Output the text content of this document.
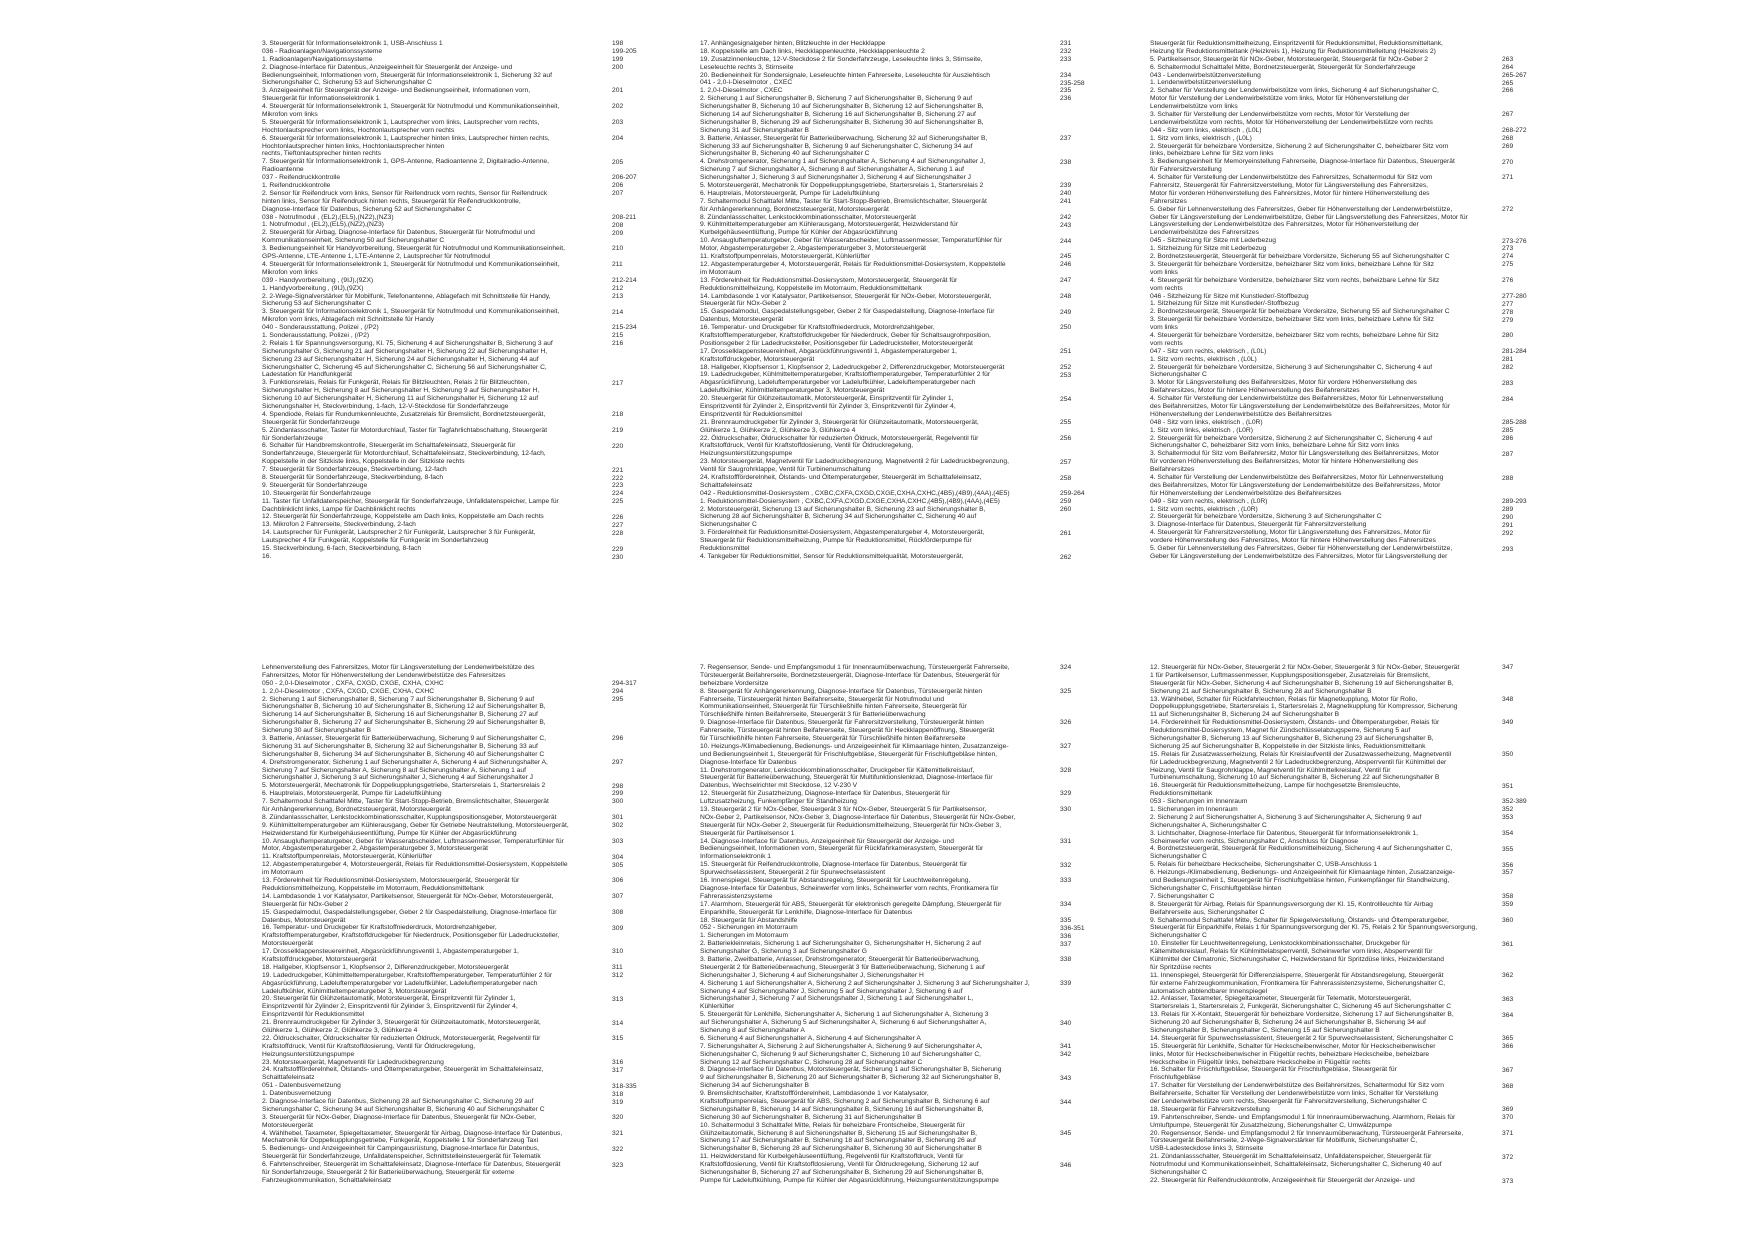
3. Steuergerät für Informationselektronik 1, USB-Anschluss 1
036 - Radioanlagen/Navigationssysteme
1. Radioanlagen/Navigationssysteme
2. Diagnose-Interface für Datenbus, Anzeigeeinheit für Steuergerät der Anzeige- und
Bedienungseinheit, Informationen vorn, Steuergerät für Informationselektronik 1, Sicherung 32 auf
Sicherungshalter C, Sicherung 53 auf Sicherungshalter C
3. Anzeigeeinheit für Steuergerät der Anzeige- und Bedienungseinheit, Informationen vorn,
Steuergerät für Informationselektronik 1
4. Steuergerät für Informationselektronik 1, Steuergerät für Notrufmodul und Kommunikationseinheit,
Mikrofon vorn links
5. Steuergerät für Informationselektronik 1, Lautsprecher vorn links, Lautsprecher vorn rechts,
Hochtonlautsprecher vorn links, Hochtonlautsprecher vorn rechts
6. Steuergerät für Informationselektronik 1, Lautsprecher hinten links, Lautsprecher hinten rechts,
Hochtonlautsprecher hinten links, Hochtonlautsprecher hinten
rechts, Tieftonlautsprecher hinten rechts
7. Steuergerät für Informationselektronik 1, GPS-Antenne, Radioantenne 2, Digitalradio-Antenne,
Radioantenne
037 - Reifendruckkontrolle
1. Reifendruckkontrolle
2. Sensor für Reifendruck vorn links, Sensor für Reifendruck vorn rechts, Sensor für Reifendruck
hinten links, Sensor für Reifendruck hinten rechts, Steuergerät für Reifendruckkontrolle,
Diagnose-Interface für Datenbus, Sicherung 52 auf Sicherungshalter C
038 - Notrufmodul , (EL2),(EL5),(NZ2),(NZ3)
1. Notrufmodul , (EL2),(EL5),(NZ2),(NZ3)
2. Steuergerät für Airbag, Diagnose-Interface für Datenbus, Steuergerät für Notrufmodul und
Kommunikationseinheit, Sicherung 50 auf Sicherungshalter C
3. Bedienungseinheit für Handyvorbereitung, Steuergerät für Notrufmodul und Kommunikationseinheit,
GPS-Antenne, LTE-Antenne 1, LTE-Antenne 2, Lautsprecher für Notrufmodul
4. Steuergerät für Informationselektronik 1, Steuergerät für Notrufmodul und Kommunikationseinheit,
Mikrofon vorn links
039 - Handyvorbereitung , (9IJ),(9ZX)
1. Handyvorbereitung , (9IJ),(9ZX)
2. 2-Wege-Signalverstärker für Mobilfunk, Telefonantenne, Ablagefach mit Schnittstelle für Handy,
Sicherung 53 auf Sicherungshalter C
3. Steuergerät für Informationselektronik 1, Steuergerät für Notrufmodul und Kommunikationseinheit,
Mikrofon vorn links, Ablagefach mit Schnittstelle für Handy
040 - Sonderausstattung, Polizei , (/P2)
1. Sonderausstattung, Polizei , (/P2)
2. Relais 1 für Spannungsversorgung, Kl. 75, Sicherung 4 auf Sicherungshalter B, Sicherung 3 auf
Sicherungshalter G, Sicherung 21 auf Sicherungshalter H, Sicherung 22 auf Sicherungshalter H,
Sicherung 23 auf Sicherungshalter H, Sicherung 24 auf Sicherungshalter H, Sicherung 44 auf
Sicherungshalter C, Sicherung 45 auf Sicherungshalter C, Sicherung 56 auf Sicherungshalter C,
Ladestation für Handfunkgerät
3. Funktionsrelais, Relais für Funkgerät, Relais für Blitzleuchten, Relais 2 für Blitzleuchten,
Sicherungshalter H, Sicherung 8 auf Sicherungshalter H, Sicherung 9 auf Sicherungshalter H,
Sicherung 10 auf Sicherungshalter H, Sicherung 11 auf Sicherungshalter H, Sicherung 12 auf
Sicherungshalter H, Steckverbindung, 1-fach, 12-V-Steckdose für Sonderfahrzeuge
4. Spendiode, Relais für Rundumkennleuchte, Zusatzrelais für Bremslicht, Bordnetzsteuergerät,
Steuergerät für Sonderfahrzeuge
5. Zündanlassschalter, Taster für Motordurchlauf, Taster für Tagfahrlichtabschaltung, Steuergerät
für Sonderfahrzeuge
6. Schalter für Handbremskontrolle, Steuergerät im Schalttafeleinsatz, Steuergerät für
Sonderfahrzeuge, Steuergerät für Motordurchlauf, Schalttafeleinsatz, Steckverbindung, 12-fach,
Koppelstelle in der Sitzkiste links, Koppelstelle in der Sitzkiste rechts
7. Steuergerät für Sonderfahrzeuge, Steckverbindung, 12-fach
8. Steuergerät für Sonderfahrzeuge, Steckverbindung, 8-fach
9. Steuergerät für Sonderfahrzeuge
10. Steuergerät für Sonderfahrzeuge
11. Taster für Unfalldatenspeicher, Steuergerät für Sonderfahrzeuge, Unfalldatenspeicher, Lampe für
Dachblinklicht links, Lampe für Dachblinklicht rechts
12. Steuergerät für Sonderfahrzeuge, Koppelstelle am Dach links, Koppelstelle am Dach rechts
13. Mikrofon 2 Fahrerseite, Steckverbindung, 2-fach
14. Lautsprecher für Funkgerät, Lautsprecher 2 für Funkgerät, Lautsprecher 3 für Funkgerät,
Lautsprecher 4 für Funkgerät, Koppelstelle für Funkgerät im Sonderfahrzeug
15. Steckverbindung, 6-fach, Steckverbindung, 8-fach
16.
198
199-205
199
200
201
202
203
204
205
206-207
206
207
208-211
208
209
210
211
212-214
212
213
214
215-234
215
216
217
218
219
220
221
222
223
224
225
226
227
228
229
230
17. Anhängesignalgeber hinten, Blitzleuchte in der Heckklappe
18. Koppelstelle am Dach links, Heckklappenleuchte, Heckklappenleuchte 2
19. Zusatzinnenleuchte, 12-V-Steckdose 2 für Sonderfahrzeuge, Leseleuchte links 3, Stirnseite,
Leseleuchte rechts 3, Stirnseite
20. Bedieneinheit für Sondersignale, Leseleuchte hinten Fahrerseite, Leseleuchte für Ausziehtisch
041 - 2,0-l-Dieselmotor , CXEC
1. 2,0-l-Dieselmotor , CXEC
2. Sicherung 1 auf Sicherungshalter B, Sicherung 7 auf Sicherungshalter B, Sicherung 9 auf
Sicherungshalter B, Sicherung 10 auf Sicherungshalter B, Sicherung 12 auf Sicherungshalter B,
Sicherung 14 auf Sicherungshalter B, Sicherung 16 auf Sicherungshalter B, Sicherung 27 auf
Sicherungshalter B, Sicherung 29 auf Sicherungshalter B, Sicherung 30 auf Sicherungshalter B,
Sicherung 31 auf Sicherungshalter B
3. Batterie, Anlasser, Steuergerät für Batterieüberwachung, Sicherung 32 auf Sicherungshalter B,
Sicherung 33 auf Sicherungshalter B, Sicherung 9 auf Sicherungshalter C, Sicherung 34 auf
Sicherungshalter B, Sicherung 40 auf Sicherungshalter C
4. Drehstromgenerator, Sicherung 1 auf Sicherungshalter A, Sicherung 4 auf Sicherungshalter J,
Sicherung 7 auf Sicherungshalter A, Sicherung 8 auf Sicherungshalter A, Sicherung 1 auf
Sicherungshalter J, Sicherung 3 auf Sicherungshalter J, Sicherung 4 auf Sicherungshalter J
5. Motorsteuergerät, Mechatronik für Doppelkupplungsgetriebe, Startersrelais 1, Startersrelais 2
6. Hauptrelais, Motorsteuergerät, Pumpe für Ladeluftkühlung
7. Schaltermodul Schalttafel Mitte, Taster für Start-Stopp-Betrieb, Bremslichtschalter, Steuergerät
für Anhängererkennung, Bordnetzsteuergerät, Motorsteuergerät
8. Zündanlassschalter, Lenkstockkombinationsschalter, Motorsteuergerät
9. Kühlmitteltemperaturgeber am Kühlerausgang, Motorsteuergerät, Heizwiderstand für
Kurbelgehäuseentlüftung, Pumpe für Kühler der Abgasrückführung
10. Ansaugluftemperaturgeber, Geber für Wasserabscheider, Luftmassenmesser, Temperaturfühler für
Motor, Abgastemperaturgeber 2, Abgastemperaturgeber 3, Motorsteuergerät
11. Kraftstoffpumpenrelais, Motorsteuergerät, Kühlerlüfter
12. Abgastemperaturgeber 4, Motorsteuergerät, Relais für Reduktionsmittel-Dosiersystem, Koppelstelle
im Motorraum
13. Förderelnheit für Reduktionsmittel-Dosiersystem, Motorsteuergerät, Steuergerät für
Reduktionsmittelheizung, Koppelstelle im Motorraum, Reduktionsmitteltank
14. Lambdasonde 1 vor Katalysator, Partikelsensor, Steuergerät für NOx-Geber, Motorsteuergerät,
Steuergerät für NOx-Geber 2
15. Gaspedalmodul, Gaspedalstellungsgeber, Geber 2 für Gaspedalstellung, Diagnose-Interface für
Datenbus, Motorsteuergerät
16. Temperatur- und Druckgeber für Kraftstoffniederdruck, Motordrehzahlgeber,
Kraftstofftemperaturgeber, Kraftstoffdruckgeber für Niederdruck, Geber für Schaltsaugrohrposition,
Positionsgeber 2 für Ladedrucksteller, Positionsgeber für Ladedrucksteller, Motorsteuergerät
17. Drosselklappensteuereinheit, Abgasrückführungsventil 1, Abgastemperaturgeber 1,
Kraftstoffdruckgeber, Motorsteuergerät
18. Hallgeber, Klopfsensor 1, Klopfsensor 2, Ladedruckgeber 2, Differenzdruckgeber, Motorsteuergerät
19. Ladedruckgeber, Kühlmitteltemperaturgeber, Kraftstofftemperaturgeber, Temperaturfühler 2 für
Abgasrückführung, Ladeluftemperaturgeber vor Ladeluftkühler, Ladeluftemperaturgeber nach
Ladeluftkühler, Kühlmitteltemperaturgeber 3, Motorsteuergerät
20. Steuergerät für Glühzeitautomatik, Motorsteuergerät, Einspritzventil für Zylinder 1,
Einspritzventil für Zylinder 2, Einspritzventil für Zylinder 3, Einspritzventil für Zylinder 4,
Einspritzventil für Reduktionsmittel
21. Brennraumdruckgeber für Zylinder 3, Steuergerät für Glühzeitautomatik, Motorsteuergerät,
Glühkerze 1, Glühkerze 2, Glühkerze 3, Glühkerze 4
22. Öldruckschalter, Öldruckschalter für reduzierten Öldruck, Motorsteuergerät, Regelventil für
Kraftstoffdruck, Ventil für Kraftstoffdosierung, Ventil für Öldruckregelung,
Heizungsunterstützungspumpe
23. Motorsteuergerät, Magnetventil für Ladedruckbegrenzung, Magnetventil 2 für Ladedruckbegrenzung,
Ventil für Saugrohrklappe, Ventil für Turbinenumschaltung
24. Kraftstoffförderelnheit, Ölstands- und Öltemperaturgeber, Steuergerät im Schalttafeleinsatz,
Schalttafeleinsatz
042 - Reduktionsmittel-Dosiersystem , CXBC,CXFA,CXGD,CXGE,CXHA,CXHC,(4B5),(4B9),(4AA),(4E5)
1. Reduktionsmittel-Dosiersystem , CXBC,CXFA,CXGD,CXGE,CXHA,CXHC,(4B5),(4B9),(4AA),(4E5)
2. Motorsteuergerät, Sicherung 13 auf Sicherungshalter B, Sicherung 23 auf Sicherungshalter B,
Sicherung 28 auf Sicherungshalter B, Sicherung 34 auf Sicherungshalter C, Sicherung 40 auf
Sicherungshalter C
3. Förderelnheit für Reduktionsmittel-Dosiersystem, Abgastemperaturgeber 4, Motorsteuergerät,
Steuergerät für Reduktionsmittelheizung, Pumpe für Reduktionsmittel, Rückförderpumpe für
Reduktionsmittel
4. Tankgeber für Reduktionsmittel, Sensor für Reduktionsmittelqualität, Motorsteuergerät,
231
232
233
234
235-258
235
236
237
238
239
240
241
242
243
244
245
246
247
248
249
250
251
252
253
254
255
256
257
258
259-264
259
260
261
262
Steuergerät für Reduktionsmittelheizung, Einspritzventil für Reduktionsmittel, Reduktionsmitteltank,
Heizung für Reduktionsmitteltank (Heizkreis 1), Heizung für Reduktionsmittelleitung (Heizkreis 2)
5. Partikelsensor, Steuergerät für NOx-Geber, Motorsteuergerät, Steuergerät für NOx-Geber 2
6. Schaltermodul Schalttafel Mitte, Bordnetzsteuergerät, Steuergerät für Sonderfahrzeuge
043 - Lendenwirbelstützenverstellung
1. Lendenwirbelstützenverstellung
2. Schalter für Verstellung der Lendenwirbelstütze vorn links, Sicherung 4 auf Sicherungshalter C,
Motor für Verstellung der Lendenwirbelstütze vorn links, Motor für Höhenverstellung der
Lendenwirbelstütze vorn links
3. Schalter für Verstellung der Lendenwirbelstütze vorn rechts, Motor für Verstellung der
Lendenwirbelstütze vorn rechts, Motor für Höhenverstellung der Lendenwirbelstütze vorn rechts
044 - Sitz vorn links, elektrisch , (L0L)
1. Sitz vorn links, elektrisch , (L0L)
2. Steuergerät für beheizbare Vordersitze, Sicherung 2 auf Sicherungshalter C, beheizbarer Sitz vorn
links, beheizbare Lehne für Sitz vorn links
3. Bedienungseinheit für Memoryeinstellung Fahrerseite, Diagnose-Interface für Datenbus, Steuergerät
für Fahrersitzverstellung
4. Schalter für Verstellung der Lendenwirbelstütze des Fahrersitzes, Schaltermodul für Sitz vom
Fahrersitz, Steuergerät für Fahrersitzverstellung, Motor für Längsverstellung des Fahrersitzes,
Motor für vorderen Höhenverstellung des Fahrersitzes, Motor für hintere Höhenverstellung des
Fahrersitzes
5. Geber für Lehnenverstellung des Fahrersitzes, Geber für Höhenverstellung der Lendenwirbelstütze,
Geber für Längsverstellung der Lendenwirbelstütze, Geber für Längsverstellung des Fahrersitzes, Motor für
Längsverstellung der Lendenwirbelstütze des Fahrersitzes, Motor für Höhenverstellung der
Lendenwirbelstütze des Fahrersitzes
045 - Sitzheizung für Sitze mit Lederbezug
1. Sitzheizung für Sitze mit Lederbezug
2. Bordnetzsteuergerät, Steuergerät für beheizbare Vordersitze, Sicherung 55 auf Sicherungshalter C
3. Steuergerät für beheizbare Vordersitze, beheizbarer Sitz vom links, beheizbare Lehne für Sitz
vom links
4. Steuergerät für beheizbare Vordersitze, beheizbarer Sitz vorn rechts, beheizbare Lehne für Sitz
vom rechts
046 - Sitzheizung für Sitze mit Kunstleder/-Stoffbezug
1. Sitzheizung für Sitze mit Kunstleder/-Stoffbezug
2. Bordnetzsteuergerät, Steuergerät für beheizbare Vordersitze, Sicherung 55 auf Sicherungshalter C
3. Steuergerät für beheizbare Vordersitze, beheizbarer Sitz vom links, beheizbare Lehne für Sitz
vom links
4. Steuergerät für beheizbare Vordersitze, beheizbarer Sitz vom rechts, beheizbare Lehne für Sitz
vom rechts
047 - Sitz vorn rechts, elektrisch , (L0L)
1. Sitz vorn rechts, elektrisch , (L0L)
2. Steuergerät für beheizbare Vordersitze, Sicherung 3 auf Sicherungshalter C, Sicherung 4 auf
Sicherungshalter C
3. Motor für Längsverstellung des Beifahrersitzes, Motor für vordere Höhenverstellung des
Beifahrersitzes, Motor für hintere Höhenverstellung des Beifahrersitzes
4. Schalter für Verstellung der Lendenwirbelstütze des Beifahrersitzes, Motor für Lehnenverstellung
des Beifahrersitzes, Motor für Längsverstellung der Lendenwirbelstütze des Beifahrersitzes, Motor für
Höhenverstellung der Lendenwirbelstütze des Beifahrersitzes
048 - Sitz vorn links, elektrisch , (L0R)
1. Sitz vorn links, elektrisch , (L0R)
2. Steuergerät für beheizbare Vordersitze, Sicherung 2 auf Sicherungshalter C, Sicherung 4 auf
Sicherungshalter C, beheizbarer Sitz vorn links, beheizbare Lehne für Sitz vorn links
3. Schaltermodul für Sitz vom Beifahrersitz, Motor für Längsverstellung des Beifahrersitzes, Motor
für vorderen Höhenverstellung des Beifahrersitzes, Motor für hintere Höhenverstellung des
Beifahrersitzes
4. Schalter für Verstellung der Lendenwirbelstütze des Beifahrersitzes, Motor für Lehnenverstellung
des Beifahrersitzes, Motor für Längsverstellung der Lendenwirbelstütze des Beifahrersitzes, Motor
für Höhenverstellung der Lendenwirbelstütze des Beifahrersitzes
049 - Sitz vorn rechts, elektrisch , (L0R)
1. Sitz vorn rechts, elektrisch , (L0R)
2. Steuergerät für beheizbare Vordersitze, Sicherung 3 auf Sicherungshalter C
3. Diagnose-Interface für Datenbus, Steuergerät für Fahrersitzverstellung
4. Steuergerät für Fahrersitzverstellung, Motor für Längsverstellung des Fahrersitzes, Motor für
vordere Höhenverstellung des Fahrersitzes, Motor für hintere Höhenverstellung des Fahrersitzes
5. Geber für Lehnenverstellung des Fahrersitzes, Geber für Höhenverstellung der Lendenwirbelstütze,
Geber für Längsverstellung der Lendenwirbelstütze des Fahrersitzes, Motor für Längsverstellung der
263
264
265-267
265
266
267
268-272
268
269
270
271
272
273-276
273
274
275
276
277-280
277
278
279
280
281-284
281
282
283
284
285-288
285
286
287
288
289-293
289
290
291
292
293
Lehnenverstellung des Fahrersitzes, Motor für Längsverstellung der Lendenwirbelstütze des
Fahrersitzes, Motor für Höhenverstellung der Lendenwirbelstütze des Fahrersitzes
050 - 2,0-l-Dieselmotor , CXFA, CXGD, CXGE, CXHA, CXHC
1. 2,0-l-Dieselmotor , CXFA, CXGD, CXGE, CXHA, CXHC
2. Sicherung 1 auf Sicherungshalter B, Sicherung 7 auf Sicherungshalter B, Sicherung 9 auf
Sicherungshalter B, Sicherung 10 auf Sicherungshalter B, Sicherung 12 auf Sicherungshalter B,
Sicherung 14 auf Sicherungshalter B, Sicherung 16 auf Sicherungshalter B, Sicherung 27 auf
Sicherungshalter B, Sicherung 27 auf Sicherungshalter B, Sicherung 29 auf Sicherungshalter B,
Sicherung 30 auf Sicherungshalter B
3. Batterie, Anlasser, Steuergerät für Batterieüberwachung, Sicherung 9 auf Sicherungshalter C,
Sicherung 31 auf Sicherungshalter B, Sicherung 32 auf Sicherungshalter B, Sicherung 33 auf
Sicherungshalter B, Sicherung 34 auf Sicherungshalter B, Sicherung 40 auf Sicherungshalter C
4. Drehstromgenerator, Sicherung 1 auf Sicherungshalter A, Sicherung 4 auf Sicherungshalter A,
Sicherung 7 auf Sicherungshalter A, Sicherung 8 auf Sicherungshalter A, Sicherung 1 auf
Sicherungshalter J, Sicherung 3 auf Sicherungshalter J, Sicherung 4 auf Sicherungshalter J
5. Motorsteuergerät, Mechatronik für Doppelkupplungsgetriebe, Startersrelais 1, Startersrelais 2
6. Hauptrelais, Motorsteuergerät, Pumpe für Ladeluftkühlung
7. Schaltermodul Schalttafel Mitte, Taster für Start-Stopp-Betrieb, Bremslichtschalter, Steuergerät
für Anhängererkennung, Bordnetzsteuergerät, Motorsteuergerät
8. Zündanlassschalter, Lenkstockkombinationsschalter, Kupplungspositionsgeber, Motorsteuergerät
9. Kühlmitteltemperaturgeber am Kühlerausgang, Geber für Getriebe Neutralstellung, Motorsteuergerät,
Heizwiderstand für Kurbelgehäuseentlüftung, Pumpe für Kühler der Abgasrückführung
10. Ansaugluftemperaturgeber, Geber für Wasserabscheider, Luftmassenmesser, Temperaturfühler für
Motor, Abgastemperaturgeber 2, Abgastemperaturgeber 3, Motorsteuergerät
11. Kraftstoffpumpenrelais, Motorsteuergerät, Kühlerlüfter
12. Abgastemperaturgeber 4, Motorsteuergerät, Relais für Reduktionsmittel-Dosiersystem, Koppelstelle
im Motorraum
13. Förderelnheit für Reduktionsmittel-Dosiersystem, Motorsteuergerät, Steuergerät für
Reduktionsmittelheizung, Koppelstelle im Motorraum, Reduktionsmitteltank
14. Lambdasonde 1 vor Katalysator, Partikelsensor, Steuergerät für NOx-Geber, Motorsteuergerät,
Steuergerät für NOx-Geber 2
15. Gaspedalmodul, Gaspedalstellungsgeber, Geber 2 für Gaspedalstellung, Diagnose-Interface für
Datenbus, Motorsteuergerät
16. Temperatur- und Druckgeber für Kraftstoffniederdruck, Motordrehzahlgeber,
Kraftstofftemperaturgeber, Kraftstoffdruckgeber für Niederdruck, Positionsgeber für Ladedrucksteller,
Motorsteuergerät
17. Drosselklappensteuereinheit, Abgasrückführungsventil 1, Abgastemperaturgeber 1,
Kraftstoffdruckgeber, Motorsteuergerät
18. Hallgeber, Klopfsensor 1, Klopfsensor 2, Differenzdruckgeber, Motorsteuergerät
19. Ladedruckgeber, Kühlmitteltemperaturgeber, Kraftstofftemperaturgeber, Temperaturfühler 2 für
Abgasrückführung, Ladeluftemperaturgeber vor Ladeluftkühler, Ladeluftemperaturgeber nach
Ladeluftkühler, Kühlmitteltemperaturgeber 3, Motorsteuergerät
20. Steuergerät für Glühzeitautomatik, Motorsteuergerät, Einspritzventil für Zylinder 1,
Einspritzventil für Zylinder 2, Einspritzventil für Zylinder 3, Einspritzventil für Zylinder 4,
Einspritzventil für Reduktionsmittel
21. Brennraumdruckgeber für Zylinder 3, Steuergerät für Glühzeitautomatik, Motorsteuergerät,
Glühkerze 1, Glühkerze 2, Glühkerze 3, Glühkerze 4
22. Öldruckschalter, Öldruckschalter für reduzierten Öldruck, Motorsteuergerät, Regelventil für
Kraftstoffdruck, Ventil für Kraftstoffdosierung, Ventil für Öldruckregelung,
Heizungsunterstützungspumpe
23. Motorsteuergerät, Magnetventil für Ladedruckbegrenzung
24. Kraftstoffförderelnheit, Ölstands- und Öltemperaturgeber, Steuergerät im Schalttafeleinsatz,
Schalttafeleinsatz
051 - Datenbusvernetzung
1. Datenbusvernetzung
2. Diagnose-Interface für Datenbus, Sicherung 28 auf Sicherungshalter C, Sicherung 29 auf
Sicherungshalter C, Sicherung 34 auf Sicherungshalter B, Sicherung 40 auf Sicherungshalter C
3. Steuergerät für NOx-Geber, Diagnose-Interface für Datenbus, Steuergerät für NOx-Geber,
Motorsteuergerät
4. Wählhebel, Taxameter, Spiegeltaxameter, Steuergerät für Airbag, Diagnose-Interface für Datenbus,
Mechatronik für Doppelkupplungsgetriebe, Funkgerät, Koppelstelle 1 für Sonderfahrzeug Taxi
5. Bedienungs- und Anzeigeeinheit für Campingausrüstung, Diagnose-Interface für Datenbus,
Steuergerät für Sonderfahrzeuge, Unfalldatenspeicher, Schnittstelleinsteuergerät für Telematik
6. Fahrtenschreiber, Steuergerät im Schalttafeleinsatz, Diagnose-Interface für Datenbus, Steuergerät
für Sonderfahrzeuge, Steuergerät 2 für Batterieüberwachung, Steuergerät für externe
Fahrzeugkommunikation, Schalttafeleinsatz
294-317
294
295
296
297
298
299
300
301
302
303
304
305
306
307
308
309
310
311
312
313
314
315
316
317
318-335
318
319
320
321
322
323
7. Regensensor, Sende- und Empfangsmodul 1 für Innenraumüberwachung, Türsteuergerät Fahrerseite,
Türsteuergerät Beifahrerseite, Bordnetzsteuergerät, Diagnose-Interface für Datenbus, Steuergerät für
beheizbare Vordersitze
8. Steuergerät für Anhängererkennung, Diagnose-Interface für Datenbus, Türsteuergerät hinten
Fahrerseite, Türsteuergerät hinten Beifahrerseite, Steuergerät für Notrufmodul und
Kommunikationseinheit, Steuergerät für Türschließhilfe hinten Fahrerseite, Steuergerät für
Türschließhilfe hinten Beifahrerseite, Steuergerät 3 für Batterieüberwachung
9. Diagnose-Interface für Datenbus, Steuergerät für Fahrersitzverstellung, Türsteuergerät hinten
Fahrerseite, Türsteuergerät hinten Beifahrerseite, Steuergerät für Heckklappenöffnung, Steuergerät
für Türschließhilfe hinten Fahrerseite, Steuergerät für Türschließhilfe hinten Beifahrerseite
10. Heizungs-/Klimabedienung, Bedienungs- und Anzeigeeinheit für Klimaanlage hinten, Zusatzanzeige-
und Bedienungseinheit 1, Steuergerät für Frischluftgebläse, Steuergerät für Frischluftgebläse hinten,
Diagnose-Interface für Datenbus
11. Drehstromgenerator, Lenkstockkombinationsschalter, Druckgeber für Kältemittelkreislauf,
Steuergerät für Batterieüberwachung, Steuergerät für Multifunktionslenkrad, Diagnose-Interface für
Datenbus, Wechselrichter mit Steckdose, 12 V-230 V
12. Steuergerät für Zusatzheizung, Diagnose-Interface für Datenbus, Steuergerät für
Luftzusatzheizung, Funkempfänger für Standheizung
13. Steuergerät 2 für NOx-Geber, Steuergerät 3 für NOx-Geber, Steuergerät 5 für Partikelsensor,
NOx-Geber 2, Partikelsensor, NOx-Geber 3, Diagnose-Interface für Datenbus, Steuergerät für NOx-Geber,
Steuergerät für NOx-Geber 2, Steuergerät für Reduktionsmittelheizung, Steuergerät für NOx-Geber 3,
Steuergerät für Partikelsensor 1
14. Diagnose-Interface für Datenbus, Anzeigeeinheit für Steuergerät der Anzeige- und
Bedienungseinheit, Informationen vorn, Steuergerät für Rückfahrkamerasystem, Steuergerät für
Informationselektronik 1
15. Steuergerät für Reifendruckkontrolle, Diagnose-Interface für Datenbus, Steuergerät für
Spurwechselassistent, Steuergerät 2 für Spurwechselassistent
16. Innenspiegel, Steuergerät für Abstandsregelung, Steuergerät für Leuchtweitenregelung,
Diagnose-Interface für Datenbus, Scheinwerfer vorn links, Scheinwerfer vorn rechts, Frontkamera für
Fahrerassistenzsysteme
17. Alarmhorn, Steuergerät für ABS, Steuergerät für elektronisch geregelte Dämpfung, Steuergerät für
Einparkhilfe, Steuergerät für Lenkhilfe, Diagnose-Interface für Datenbus
18. Steuergerät für Abstandshilfe
052 - Sicherungen im Motorraum
1. Sicherungen im Motorraum
2. Batteriekleinrelais, Sicherung 1 auf Sicherungshalter G, Sicherungshalter H, Sicherung 2 auf
Sicherungshalter G, Sicherung 3 auf Sicherungshalter G
3. Batterie, Zweitbatterie, Anlasser, Drehstromgenerator, Steuergerät für Batterieüberwachung,
Steuergerät 2 für Batterieüberwachung, Steuergerät 3 für Batterieüberwachung, Sicherung 1 auf
Sicherungshalter J, Sicherung 4 auf Sicherungshalter J, Sicherungshalter H
4. Sicherung 1 auf Sicherungshalter A, Sicherung 2 auf Sicherungshalter J, Sicherung 3 auf Sicherungshalter J,
Sicherung 4 auf Sicherungshalter J, Sicherung 5 auf Sicherungshalter J, Sicherung 6 auf
Sicherungshalter J, Sicherung 7 auf Sicherungshalter J, Sicherung 1 auf Sicherungshalter L,
Kühlerlüfter
5. Steuergerät für Lenkhilfe, Sicherungshalter A, Sicherung 1 auf Sicherungshalter A, Sicherung 3
auf Sicherungshalter A, Sicherung 5 auf Sicherungshalter A, Sicherung 6 auf Sicherungshalter A,
Sicherung 8 auf Sicherungshalter A
6. Sicherung 4 auf Sicherungshalter A, Sicherung 4 auf Sicherungshalter A
7. Sicherungshalter A, Sicherung 2 auf Sicherungshalter A, Sicherung 9 auf Sicherungshalter A,
Sicherungshalter C, Sicherung 9 auf Sicherungshalter C, Sicherung 10 auf Sicherungshalter C,
Sicherung 12 auf Sicherungshalter C, Sicherung 28 auf Sicherungshalter C
8. Diagnose-Interface für Datenbus, Motorsteuergerät, Sicherung 1 auf Sicherungshalter B, Sicherung
9 auf Sicherungshalter B, Sicherung 20 auf Sicherungshalter B, Sicherung 32 auf Sicherungshalter B,
Sicherung 34 auf Sicherungshalter B
9. Bremslichtschalter, Kraftstoffförderelnheit, Lambdasonde 1 vor Katalysator,
Kraftstoffpumpenrelais, Steuergerät für ABS, Sicherung 2 auf Sicherungshalter B, Sicherung 6 auf
Sicherungshalter B, Sicherung 14 auf Sicherungshalter B, Sicherung 16 auf Sicherungshalter B,
Sicherung 30 auf Sicherungshalter B, Sicherung 31 auf Sicherungshalter B
10. Schaltermodul 3 Schalttafel Mitte, Relais für beheizbare Frontscheibe, Steuergerät für
Glühzeitautomatik, Sicherung 8 auf Sicherungshalter B, Sicherung 15 auf Sicherungshalter B,
Sicherung 17 auf Sicherungshalter B, Sicherung 18 auf Sicherungshalter B, Sicherung 26 auf
Sicherungshalter B, Sicherung 28 auf Sicherungshalter B, Sicherung 30 auf Sicherungshalter B
11. Heizwiderstand für Kurbelgehäuseentlüftung, Regelventil für Kraftstoffdruck, Ventil für
Kraftstoffdosierung, Ventil für Kraftstoffdosierung, Ventil für Öldruckregelung, Sicherung 12 auf
Sicherungshalter B, Sicherung 27 auf Sicherungshalter B, Sicherung 29 auf Sicherungshalter B,
Pumpe für Ladeluftkühlung, Pumpe für Kühler der Abgasrückführung, Heizungsunterstützungspumpe
324
325
326
327
328
329
330
331
332
333
334
335
336-351
336
337
338
339
340
341
342
343
344
345
346
12. Steuergerät für NOx-Geber, Steuergerät 2 für NOx-Geber, Steuergerät 3 für NOx-Geber, Steuergerät
1 für Partikelsensor, Luftmassenmesser, Kupplungspositionsgeber, Zusatzrelais für Bremslicht,
Steuergerät für NOx-Geber, Sicherung 4 auf Sicherungshalter B, Sicherung 19 auf Sicherungshalter B,
Sicherung 21 auf Sicherungshalter B, Sicherung 28 auf Sicherungshalter B
13. Wählhebel, Schalter für Rückfahrleuchten, Relais für Magnetkupplung, Motor für Rollo,
Doppelkupplungsgetriebe, Startersrelais 1, Startersrelais 2, Magnetkupplung für Kompressor, Sicherung
11 auf Sicherungshalter B, Sicherung 24 auf Sicherungshalter B
14. Förderelnheit für Reduktionsmittel-Dosiersystem, Ölstands- und Öltemperaturgeber, Relais für
Reduktionsmittel-Dosiersystem, Magnet für Zündschlüsselabzugsperre, Sicherung 5 auf
Sicherungshalter B, Sicherung 13 auf Sicherungshalter B, Sicherung 23 auf Sicherungshalter B,
Sicherung 25 auf Sicherungshalter B, Koppelstelle in der Sitzkiste links, Reduktionsmitteltank
15. Relais für Zusatzwasserheizung, Relais für Kreislaufventil der Zusatzwasserheizung, Magnetventil
für Ladedruckbegrenzung, Magnetventil 2 für Ladedruckbegrenzung, Absperrventil für Kühlmittel der
Heizung, Ventil für Saugrohrklappe, Magnetventil für Kühlmittelkreislauf, Ventil für
Turbinenumschaltung, Sicherung 10 auf Sicherungshalter B, Sicherung 22 auf Sicherungshalter B
16. Steuergerät für Reduktionsmittelheizung, Lampe für hochgesetzte Bremsleuchte,
Reduktionsmitteltank
053 - Sicherungen im Innenraum
1. Sicherungen im Innenraum
2. Sicherung 2 auf Sicherungshalter A, Sicherung 3 auf Sicherungshalter A, Sicherung 9 auf
Sicherungshalter A, Sicherungshalter C
3. Lichtschalter, Diagnose-Interface für Datenbus, Steuergerät für Informationselektronik 1,
Scheinwerfer vorn rechts, Sicherungshalter C, Anschluss für Diagnose
4. Bordnetzsteuergerät, Steuergerät für Reduktionsmittelheizung, Sicherung 4 auf Sicherungshalter C,
Sicherungshalter C
5. Relais für beheizbare Heckscheibe, Sicherungshalter C, USB-Anschluss 1
6. Heizungs-/Klimabedienung, Bedienungs- und Anzeigeeinheit für Klimaanlage hinten, Zusatzanzeige-
und Bedienungseinheit 1, Steuergerät für Frischluftgebläse hinten, Funkempfänger für Standheizung,
Sicherungshalter C, Frischluftgebläse hinten
7. Sicherungshalter C
8. Steuergerät für Airbag, Relais für Spannungsversorgung der Kl. 15, Kontrollleuchte für Airbag
Beifahrerseite aus, Sicherungshalter C
9. Schaltermodul Schalttafel Mitte, Schalter für Spiegelverstellung, Ölstands- und Öltemperaturgeber,
Steuergerät für Einparkhilfe, Relais 1 für Spannungsversorgung der Kl. 75, Relais 2 für Spannungsversorgung,
Sicherungshalter C
10. Einsteller für Leuchtweitenregelung, Lenkstockkombinationsschalter, Druckgeber für
Kältemittelkreislauf, Relais für Kühlmittelabsperrventil, Scheinwerfer vorn links, Absperrventil für
Kühlmittel der Climatronic, Sicherungshalter C, Heizwiderstand für Spritzdüse links, Heizwiderstand
für Spritzdüse rechts
11. Innenspiegel, Steuergerät für Differenzialsperre, Steuergerät für Abstandsregelung, Steuergerät
für externe Fahrzeugkommunikation, Frontkamera für Fahrerassistenzsysteme, Sicherungshalter C,
automatisch abblendbarer Innenspiegel
12. Anlasser, Taxameter, Spiegeltaxameter, Steuergerät für Telematik, Motorsteuergerät,
Startersrelais 1, Startersrelais 2, Funkgerät, Sicherungshalter C, Sicherung 45 auf Sicherungshalter C
13. Relais für X-Kontakt, Steuergerät für beheizbare Vordersitze, Sicherung 17 auf Sicherungshalter B,
Sicherung 20 auf Sicherungshalter B, Sicherung 24 auf Sicherungshalter B, Sicherung 34 auf
Sicherungshalter B, Sicherungshalter C, Sicherung 15 auf Sicherungshalter B
14. Steuergerät für Spurwechselassistent, Steuergerät 2 für Spurwechselassistent, Sicherungshalter C
15. Steuergerät für Lenkhilfe, Schalter für Heckscheibenwischer, Motor für Heckscheibenwischer
links, Motor für Heckscheibenwischer in Flügeltür rechts, beheizbare Heckscheibe, beheizbare
Heckscheibe in Flügeltür links, beheizbare Heckscheibe in Flügeltür rechts
16. Schalter für Frischluftgebläse, Steuergerät für Frischluftgebläse, Steuergerät für
Frischluftgebläse
17. Schalter für Verstellung der Lendenwirbelstütze des Beifahrersitzes, Schaltermodul für Sitz vorn
Beifahrerseite, Schalter für Verstellung der Lendenwirbelstütze vorn links, Schalter für Verstellung
der Lendenwirbelstütze vorn rechts, Steuergerät für Fahrersitzverstellung, Sicherungshalter C
18. Steuergerät für Fahrersitzverstellung
19. Fahrtenschreiber, Sende- und Empfangsmodul 1 für Innenraumüberwachung, Alarmhorn, Relais für
Umluftpumpe, Steuergerät für Zusatzheizung, Sicherungshalter C, Umwälzpumpe
20. Regensensor, Sende- und Empfangsmodul 2 für Innenraumüberwachung, Türsteuergerät Fahrerseite,
Türsteuergerät Beifahrerseite, 2-Wege-Signalverstärker für Mobilfunk, Sicherungshalter C,
USB-Ladesteckdose links 3, Stirnseite
21. Zündanlassschalter, Steuergerät im Schalttafeleinsatz, Unfalldatenspeicher, Steuergerät für
Notrufmodul und Kommunikationseinheit, Schalttafeleinsatz, Sicherungshalter C, Sicherung 40 auf
Sicherungshalter C
22. Steuergerät für Reifendruckkontrolle, Anzeigeeinheit für Steuergerät der Anzeige- und
347
348
349
350
351
352-389
352
353
354
355
356
357
358
359
360
361
362
363
364
365
366
367
368
369
370
371
372
373
